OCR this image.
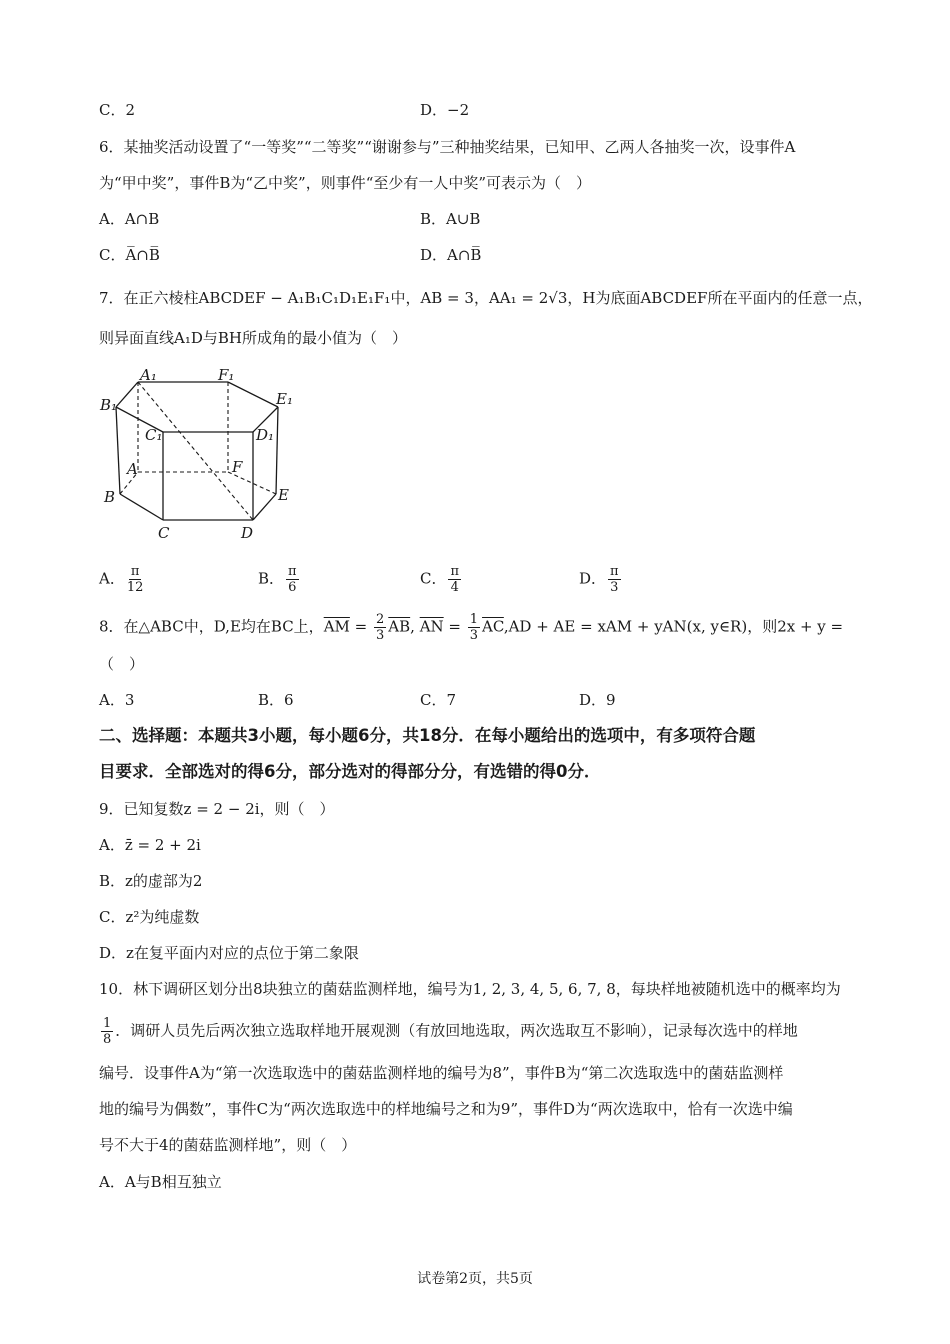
C．2	D．−2
6．某抽奖活动设置了“一等奖”“二等奖”“谢谢参与”三种抽奖结果，已知甲、乙两人各抽奖一次，设事件A
为“甲中奖”，事件B为“乙中奖”，则事件“至少有一人中奖”可表示为（　）
A．A∩B	B．A∪B
C．A̅∩B̅	D．A∩B̅
7．在正六棱柱ABCDEF − A₁B₁C₁D₁E₁F₁中，AB = 3，AA₁ = 2√3，H为底面ABCDEF所在平面内的任意一点，
则异面直线A₁D与BH所成角的最小值为（　）
A₁	F₁
B₁	E₁
C₁	D₁
A	F
B	E
C	D
A． $\frac{\pi}{12}$	B． $\frac{\pi}{6}$	C． $\frac{\pi}{4}$	D． $\frac{\pi}{3}$
8．在△ABC中，D,E均在BC上，$\overline{AM} = \frac{2}{3} \overline{AB}$, $\overline{AN} = \frac{1}{3} \overline{AC},AD$ + AE = xAM + yAN(x, y∈R)，则2x + y =
（　）
A．3	B．6	C．7	D．9
二、选择题：本题共3小题，每小题6分，共18分．在每小题给出的选项中，有多项符合题
目要求．全部选对的得6分，部分选对的得部分分，有选错的得0分．
9．已知复数z = 2 − 2i，则（　）
A．z̄ = 2 + 2i
B．z的虚部为2
C．z²为纯虚数
D．z在复平面内对应的点位于第二象限
10．林下调研区划分出8块独立的菌菇监测样地，编号为1, 2, 3, 4, 5, 6, 7, 8，每块样地被随机选中的概率均为
$\frac{1}{8}$ ．调研人员先后两次独立选取样地开展观测（有放回地选取，两次选取互不影响），记录每次选中的样地
编号．设事件A为“第一次选取选中的菌菇监测样地的编号为8”，事件B为“第二次选取选中的菌菇监测样
地的编号为偶数”，事件C为“两次选取选中的样地编号之和为9”，事件D为“两次选取中，恰有一次选中编
号不大于4的菌菇监测样地”，则（　）
A．A与B相互独立
试卷第2页，共5页
